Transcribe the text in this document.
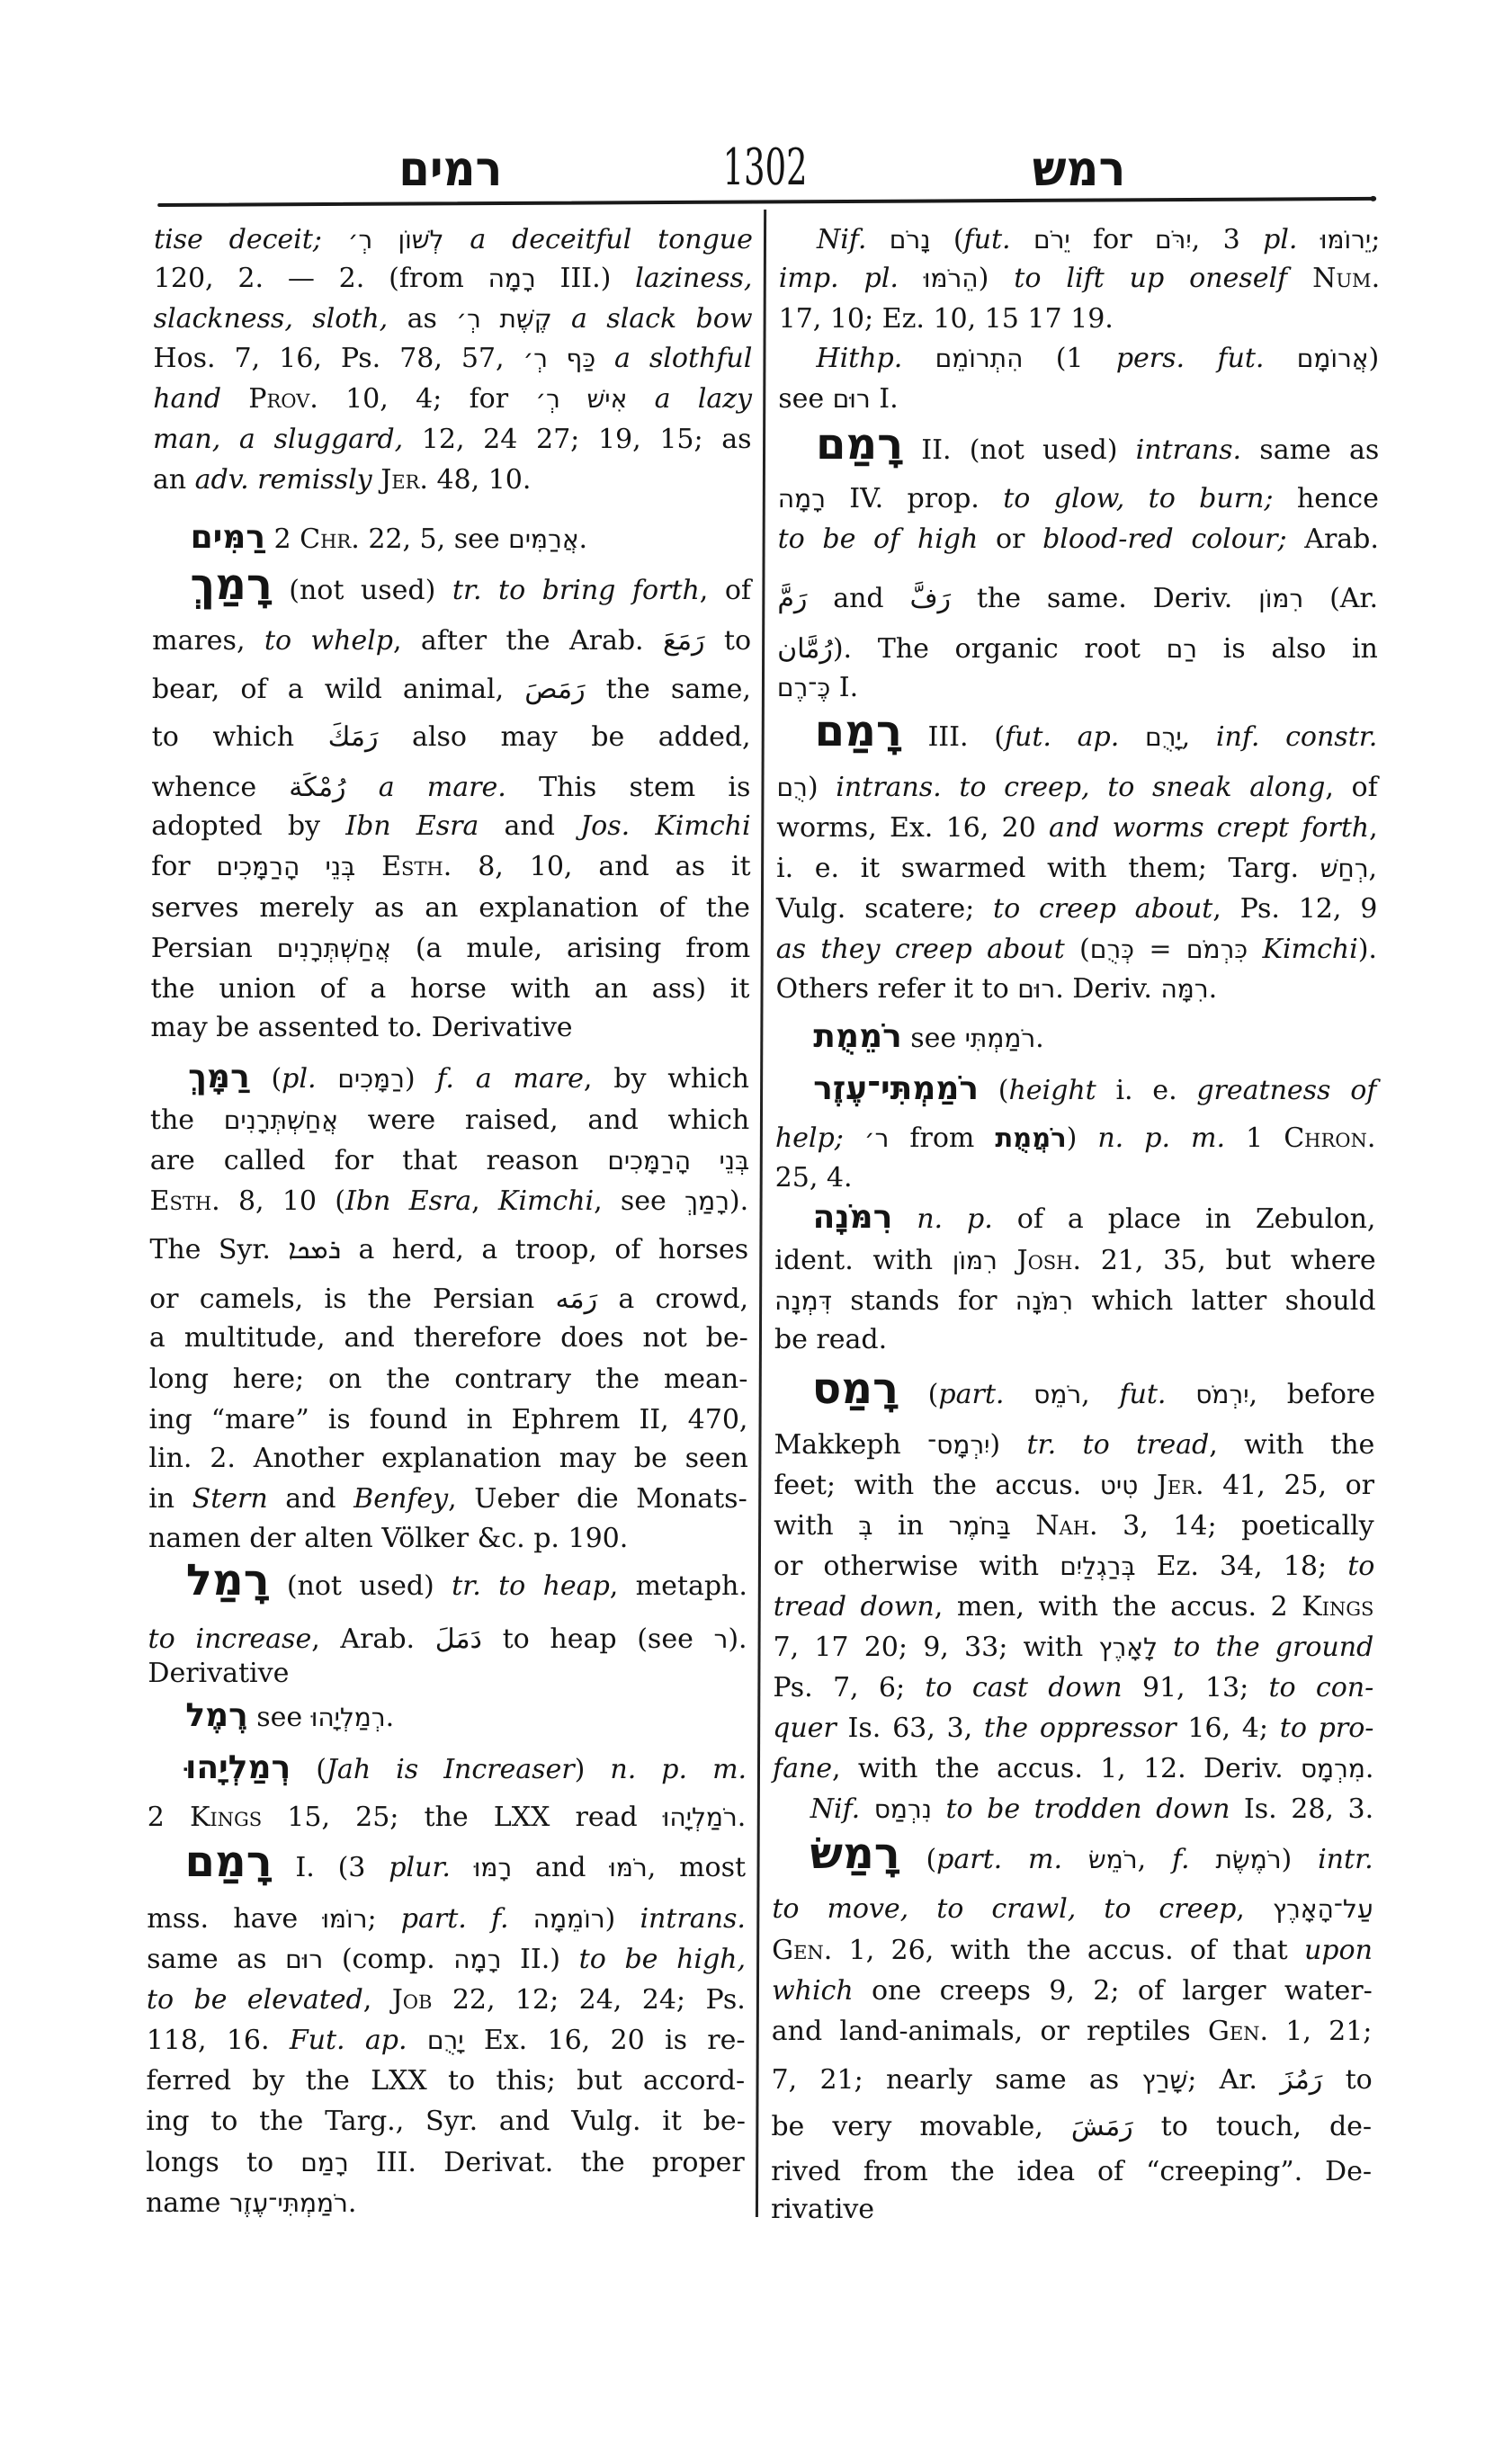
רמים	1302	רמש
tise deceit; לְשׁוֹן רְ׳ a deceitful tongue
120, 2. — 2. (from רָמָה III.) laziness,
slackness, sloth, as קֶשֶׁת רְ׳ a slack bow
Hos. 7, 16, Ps. 78, 57, כַּף רְ׳ a slothful
hand Prov. 10, 4; for אִישׁ רְ׳ a lazy
man, a sluggard, 12, 24 27; 19, 15; as
an adv. remissly Jer. 48, 10.
רַמִּים 2 Chr. 22, 5, see אֲרַמִּים.
רָמַךְ (not used) tr. to bring forth, of
mares, to whelp, after the Arab. رَمَعَ to
bear, of a wild animal, رَمَصَ the same,
to which رَمَكَ also may be added,
whence رُمْكَة a mare. This stem is
adopted by Ibn Esra and Jos. Kimchi
for בְּנֵי הָרַמָּכִים Esth. 8, 10, and as it
serves merely as an explanation of the
Persian אֲחַשְׁתְּרָנִים (a mule, arising from
the union of a horse with an ass) it
may be assented to. Derivative
רַמָּךְ (pl. רַמָּכִים) f. a mare, by which
the אֲחַשְׁתְּרָנִים were raised, and which
are called for that reason בְּנֵי הָרַמָּכִים
Esth. 8, 10 (Ibn Esra, Kimchi, see רָמַךְ).
The Syr. ܪܡܟܐ a herd, a troop, of horses
or camels, is the Persian رَمَه a crowd,
a multitude, and therefore does not be-
long here; on the contrary the mean-
ing “mare” is found in Ephrem II, 470,
lin. 2. Another explanation may be seen
in Stern and Benfey, Ueber die Monats-
namen der alten Völker &c. p. 190.
רָמַל (not used) tr. to heap, metaph.
to increase, Arab. دَمَلَ to heap (see ר).
Derivative
רֶמֶל see רְמַלְיָהוּ.
רְמַלְיָהוּ (Jah is Increaser) n. p. m.
2 Kings 15, 25; the LXX read רֹמַלְיָהוּ.
רָמַם I. (3 plur. רָמּוּ and רֹמּוּ, most
mss. have רוֹמּוּ; part. f. רוֹמֵמָה) intrans.
same as רוּם (comp. רָמָה II.) to be high,
to be elevated, Job 22, 12; 24, 24; Ps.
118, 16. Fut. ap. יָרֻם Ex. 16, 20 is re-
ferred by the LXX to this; but accord-
ing to the Targ., Syr. and Vulg. it be-
longs to רָמַם III. Derivat. the proper
name רֹמַמְתִּי־עֶזֶר.
Nif. נָרֹם (fut. יֵרֹם for יִרֹּם, 3 pl. יֵרוֹמּוּ;
imp. pl. הֵרֹמּוּ) to lift up oneself Num.
17, 10; Ez. 10, 15 17 19.
Hithp. הִתְרוֹמֵם (1 pers. fut. אֲרוֹמָם)
see רוּם I.
רָמַם II. (not used) intrans. same as
רָמָה IV. prop. to glow, to burn; hence
to be of high or blood-red colour; Arab.
رَمَّ and رَفَّ the same. Deriv. רִמּוֹן (Ar.
رُمَّان). The organic root רַם is also in
כֶּ־רֶם I.
רָמַם III. (fut. ap. יָרֻם, inf. constr.
רֻם) intrans. to creep, to sneak along, of
worms, Ex. 16, 20 and worms crept forth,
i. e. it swarmed with them; Targ. רְחַשׁ,
Vulg. scatere; to creep about, Ps. 12, 9
as they creep about (כְּרֻם = כִּרְמֹם Kimchi).
Others refer it to רוּם. Deriv. רִמָּה.
רֹמֵמֻת see רֹמַמְתִּי.
רֹמַמְתִּי־עֶזֶר (height i. e. greatness of
help; ר׳ from רֹמֲמֻת) n. p. m. 1 Chron.
25, 4.
רִמֹּנָה n. p. of a place in Zebulon,
ident. with רִמּוֹן Josh. 21, 35, but where
דִּמְנָה stands for רִמֹּנָה which latter should
be read.
רָמַס (part. רֹמֵס, fut. יִרְמֹס, before
Makkeph יִרְמָס־) tr. to tread, with the
feet; with the accus. טִיט Jer. 41, 25, or
with בְּ in בַּחֹמֶר Nah. 3, 14; poetically
or otherwise with בְּרַגְלַיִם Ez. 34, 18; to
tread down, men, with the accus. 2 Kings
7, 17 20; 9, 33; with לָאָרֶץ to the ground
Ps. 7, 6; to cast down 91, 13; to con-
quer Is. 63, 3, the oppressor 16, 4; to pro-
fane, with the accus. 1, 12. Deriv. מִרְמָס.
Nif. נִרְמַס to be trodden down Is. 28, 3.
רָמַשׂ (part. m. רֹמֵשׂ, f. רֹמֶשֶׂת) intr.
to move, to crawl, to creep, עַל־הָאָרֶץ
Gen. 1, 26, with the accus. of that upon
which one creeps 9, 2; of larger water-
and land-animals, or reptiles Gen. 1, 21;
7, 21; nearly same as שָׁרַץ; Ar. رَمُزَ to
be very movable, رَمَشَ to touch, de-
rived from the idea of “creeping”. De-
rivative
